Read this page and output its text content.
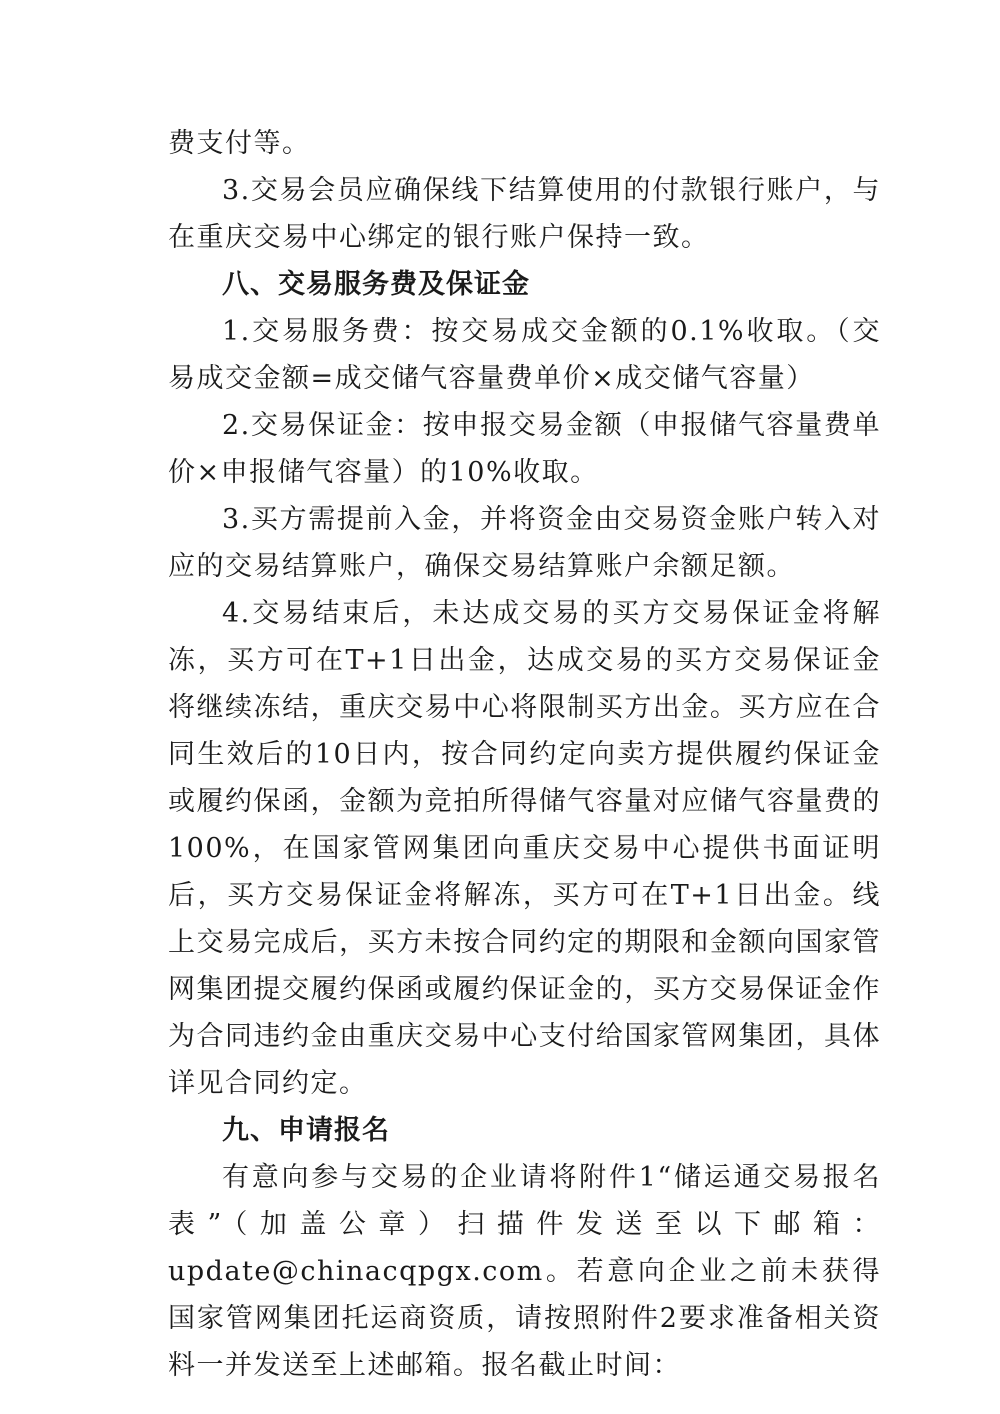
费支付等。

3.交易会员应确保线下结算使用的付款银行账户，与在重庆交易中心绑定的银行账户保持一致。

八、交易服务费及保证金

1.交易服务费：按交易成交金额的0.1%收取。（交易成交金额=成交储气容量费单价×成交储气容量）

2.交易保证金：按申报交易金额（申报储气容量费单价×申报储气容量）的10%收取。

3.买方需提前入金，并将资金由交易资金账户转入对应的交易结算账户，确保交易结算账户余额足额。

4.交易结束后，未达成交易的买方交易保证金将解冻，买方可在T+1日出金，达成交易的买方交易保证金将继续冻结，重庆交易中心将限制买方出金。买方应在合同生效后的10日内，按合同约定向卖方提供履约保证金或履约保函，金额为竞拍所得储气容量对应储气容量费的100%，在国家管网集团向重庆交易中心提供书面证明后，买方交易保证金将解冻，买方可在T+1日出金。线上交易完成后，买方未按合同约定的期限和金额向国家管网集团提交履约保函或履约保证金的，买方交易保证金作为合同违约金由重庆交易中心支付给国家管网集团，具体详见合同约定。

九、申请报名

有意向参与交易的企业请将附件1“储运通交易报名表”（加盖公章）扫描件发送至以下邮箱：update@chinacqpgx.com。若意向企业之前未获得国家管网集团托运商资质，请按照附件2要求准备相关资料一并发送至上述邮箱。报名截止时间：
